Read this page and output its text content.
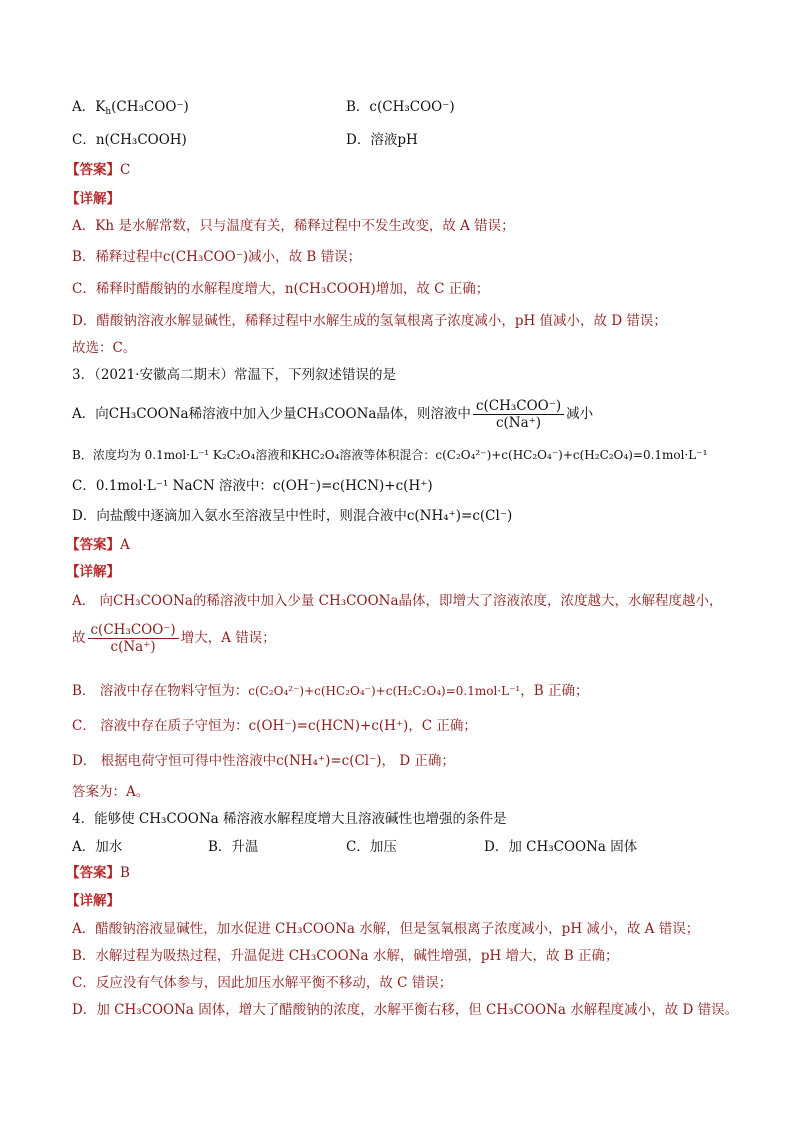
A．$K_h(CH_3COO^-)$	B．c(CH₃COO⁻)
C．n(CH₃COOH)	D．溶液pH
【答案】C
【详解】
A．Kh 是水解常数，只与温度有关，稀释过程中不发生改变，故 A 错误；
B．稀释过程中c(CH₃COO⁻)减小，故 B 错误；
C．稀释时醋酸钠的水解程度增大，n(CH₃COOH)增加，故 C 正确；
D．醋酸钠溶液水解显碱性，稀释过程中水解生成的氢氧根离子浓度减小，pH 值减小，故 D 错误；
故选：C。
3．（2021·安徽高二期末）常温下，下列叙述错误的是
A．向CH₃COONa稀溶液中加入少量CH₃COONa晶体，则溶液中 $\frac{\text{c(CH₃COO⁻)}}{c(Na^+)}$ 减小
B．浓度均为 0.1mol·L⁻¹ K₂C₂O₄溶液和KHC₂O₄溶液等体积混合：c(C₂O₄²⁻)+c(HC₂O₄⁻)+c(H₂C₂O₄)=0.1mol·L⁻¹
C．0.1mol·L⁻¹ NaCN 溶液中：c(OH⁻)=c(HCN)+c(H⁺)
D．向盐酸中逐滴加入氨水至溶液呈中性时，则混合液中c(NH₄⁺)=c(Cl⁻)
【答案】A
【详解】
A． 向CH₃COONa的稀溶液中加入少量 CH₃COONa晶体，即增大了溶液浓度，浓度越大，水解程度越小，
故 $\frac{\text{c(CH₃COO⁻)}}{c(Na^+)}$ 增大，A 错误；
B． 溶液中存在物料守恒为：c(C₂O₄²⁻)+c(HC₂O₄⁻)+c(H₂C₂O₄)=0.1mol·L⁻¹，B 正确；
C． 溶液中存在质子守恒为：c(OH⁻)=c(HCN)+c(H⁺)，C 正确；
D． 根据电荷守恒可得中性溶液中c(NH₄⁺)=c(Cl⁻)， D 正确；
答案为：A。
4．能够使 CH₃COONa 稀溶液水解程度增大且溶液碱性也增强的条件是
A．加水	B．升温	C．加压	D．加 CH₃COONa 固体
【答案】B
【详解】
A．醋酸钠溶液显碱性，加水促进 CH₃COONa 水解，但是氢氧根离子浓度减小，pH 减小，故 A 错误；
B．水解过程为吸热过程，升温促进 CH₃COONa 水解，碱性增强，pH 增大，故 B 正确；
C．反应没有气体参与，因此加压水解平衡不移动，故 C 错误；
D．加 CH₃COONa 固体，增大了醋酸钠的浓度，水解平衡右移，但 CH₃COONa 水解程度减小，故 D 错误。
